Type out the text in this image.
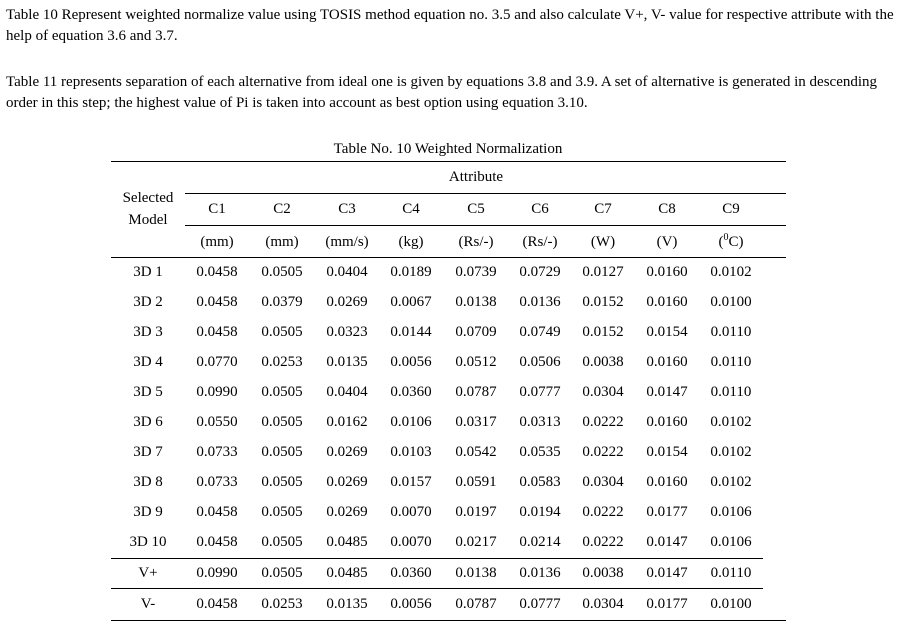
Table 10 Represent weighted normalize value using TOSIS method equation no. 3.5 and also calculate V+, V- value for respective attribute with the help of equation 3.6 and 3.7.

Table 11 represents separation of each alternative from ideal one is given by equations 3.8 and 3.9. A set of alternative is generated in descending order in this step; the highest value of Pi is taken into account as best option using equation 3.10.

Table No. 10 Weighted Normalization
Attribute
Selected
Model
C1	C2	C3	C4	C5	C6	C7	C8	C9
(mm)	(mm)	(mm/s)	(kg)	(Rs/-)	(Rs/-)	(W)	(V)	($^0$C)
3D 1	0.0458	0.0505	0.0404	0.0189	0.0739	0.0729	0.0127	0.0160	0.0102
3D 2	0.0458	0.0379	0.0269	0.0067	0.0138	0.0136	0.0152	0.0160	0.0100
3D 3	0.0458	0.0505	0.0323	0.0144	0.0709	0.0749	0.0152	0.0154	0.0110
3D 4	0.0770	0.0253	0.0135	0.0056	0.0512	0.0506	0.0038	0.0160	0.0110
3D 5	0.0990	0.0505	0.0404	0.0360	0.0787	0.0777	0.0304	0.0147	0.0110
3D 6	0.0550	0.0505	0.0162	0.0106	0.0317	0.0313	0.0222	0.0160	0.0102
3D 7	0.0733	0.0505	0.0269	0.0103	0.0542	0.0535	0.0222	0.0154	0.0102
3D 8	0.0733	0.0505	0.0269	0.0157	0.0591	0.0583	0.0304	0.0160	0.0102
3D 9	0.0458	0.0505	0.0269	0.0070	0.0197	0.0194	0.0222	0.0177	0.0106
3D 10	0.0458	0.0505	0.0485	0.0070	0.0217	0.0214	0.0222	0.0147	0.0106
V+	0.0990	0.0505	0.0485	0.0360	0.0138	0.0136	0.0038	0.0147	0.0110
V-	0.0458	0.0253	0.0135	0.0056	0.0787	0.0777	0.0304	0.0177	0.0100
